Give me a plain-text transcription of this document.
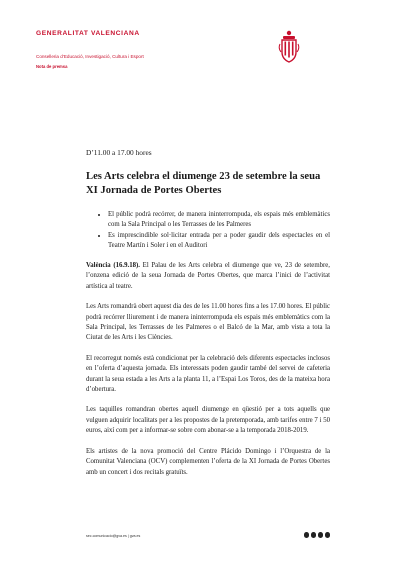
GENERALITAT VALENCIANA
Conselleria d’Educació, Investigació, Cultura i Esport
Nota de premsa

D’11.00 a 17.00 hores

Les Arts celebra el diumenge 23 de setembre la seua XI Jornada de Portes Obertes
• El públic podrà recórrer, de manera ininterrompuda, els espais més emblemàtics com la Sala Principal o les Terrasses de les Palmeres
• Es imprescindible sol·licitar entrada per a poder gaudir dels espectacles en el Teatre Martín i Soler i en el Auditori

València (16.9.18). El Palau de les Arts celebra el diumenge que ve, 23 de setembre, l’onzena edició de la seua Jornada de Portes Obertes, que marca l’inici de l’activitat artística al teatre.

Les Arts romandrà obert aquest dia des de les 11.00 hores fins a les 17.00 hores. El públic podrà recórrer lliurement i de manera ininterrompuda els espais més emblemàtics com la Sala Principal, les Terrasses de les Palmeres o el Balcó de la Mar, amb vista a tota la Ciutat de les Arts i les Ciències.

El recorregut només està condicionat per la celebració dels diferents espectacles inclosos en l’oferta d’aquesta jornada. Els interessats poden gaudir també del servei de cafeteria durant la seua estada a les Arts a la planta 11, a l’Espai Los Toros, des de la mateixa hora d’obertura.

Les taquilles romandran obertes aquell diumenge en qüestió per a tots aquells que vulguen adquirir localitats per a les propostes de la pretemporada, amb tarifes entre 7 i 50 euros, així com per a informar-se sobre com abonar-se a la temporada 2018-2019.

Els artistes de la nova promoció del Centre Plácido Domingo i l’Orquestra de la Comunitat Valenciana (OCV) complementen l’oferta de la XI Jornada de Portes Obertes amb un concert i dos recitals gratuïts.

sec.comunicacio@gva.es | gva.es
